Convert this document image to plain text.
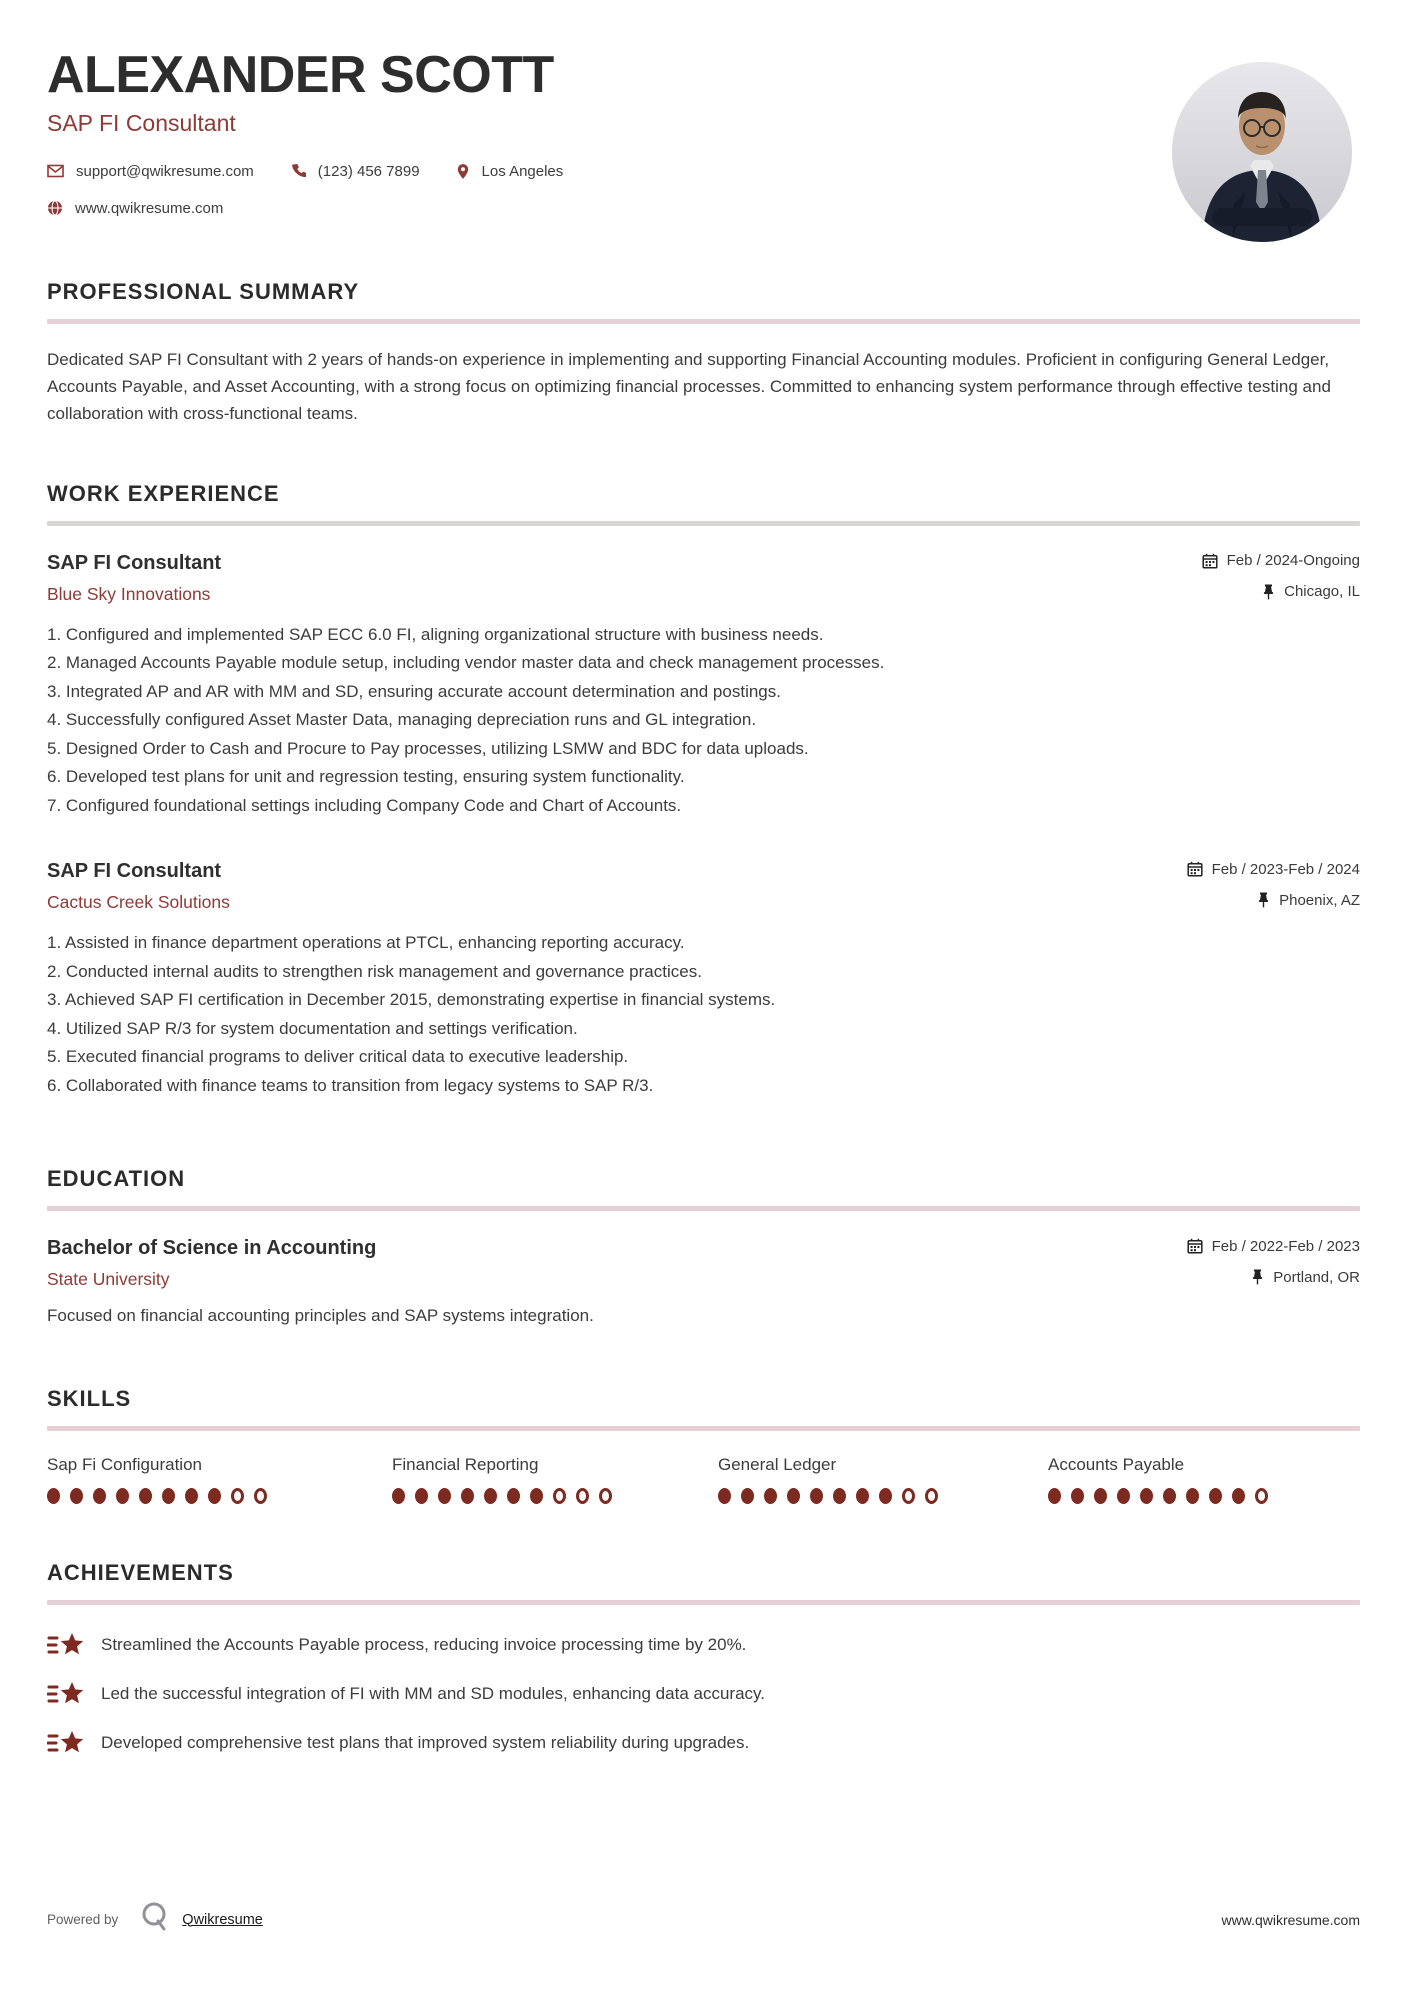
ALEXANDER SCOTT
SAP FI Consultant
support@qwikresume.com	(123) 456 7899	Los Angeles
www.qwikresume.com
PROFESSIONAL SUMMARY

Dedicated SAP FI Consultant with 2 years of hands-on experience in implementing and supporting Financial Accounting modules. Proficient in configuring General Ledger, Accounts Payable, and Asset Accounting, with a strong focus on optimizing financial processes. Committed to enhancing system performance through effective testing and collaboration with cross-functional teams.

WORK EXPERIENCE
SAP FI Consultant	Feb / 2024-Ongoing
Blue Sky Innovations	Chicago, IL
Configured and implemented SAP ECC 6.0 FI, aligning organizational structure with business needs.
Managed Accounts Payable module setup, including vendor master data and check management processes.
Integrated AP and AR with MM and SD, ensuring accurate account determination and postings.
Successfully configured Asset Master Data, managing depreciation runs and GL integration.
Designed Order to Cash and Procure to Pay processes, utilizing LSMW and BDC for data uploads.
Developed test plans for unit and regression testing, ensuring system functionality.
Configured foundational settings including Company Code and Chart of Accounts.
SAP FI Consultant	Feb / 2023-Feb / 2024
Cactus Creek Solutions	Phoenix, AZ
Assisted in finance department operations at PTCL, enhancing reporting accuracy.
Conducted internal audits to strengthen risk management and governance practices.
Achieved SAP FI certification in December 2015, demonstrating expertise in financial systems.
Utilized SAP R/3 for system documentation and settings verification.
Executed financial programs to deliver critical data to executive leadership.
Collaborated with finance teams to transition from legacy systems to SAP R/3.
EDUCATION
Bachelor of Science in Accounting	Feb / 2022-Feb / 2023
State University	Portland, OR
Focused on financial accounting principles and SAP systems integration.
SKILLS
Sap Fi Configuration	Financial Reporting	General Ledger	Accounts Payable
ACHIEVEMENTS
Streamlined the Accounts Payable process, reducing invoice processing time by 20%.
Led the successful integration of FI with MM and SD modules, enhancing data accuracy.
Developed comprehensive test plans that improved system reliability during upgrades.
Powered by	Qwikresume	www.qwikresume.com
